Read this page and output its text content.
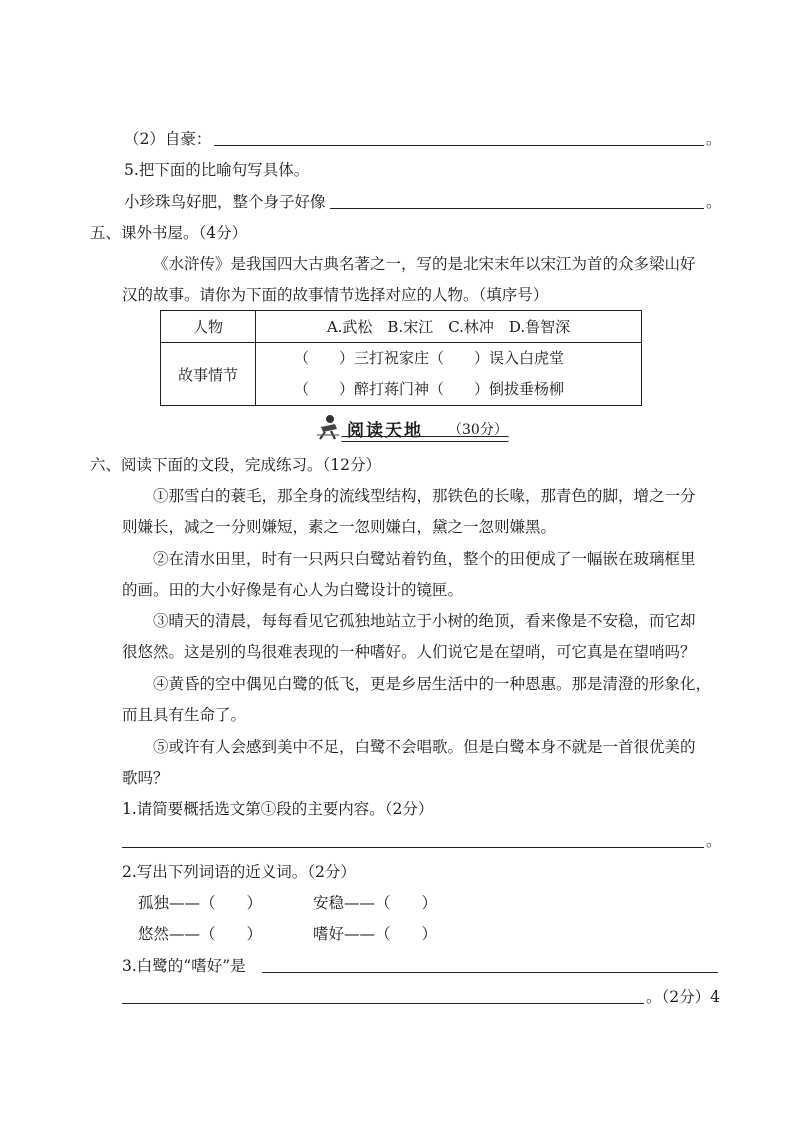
（2）自豪：	。
5.把下面的比喻句写具体。
小珍珠鸟好肥，整个身子好像	。
五、课外书屋。（4分）
《水浒传》是我国四大古典名著之一，写的是北宋末年以宋江为首的众多梁山好
汉的故事。请你为下面的故事情节选择对应的人物。（填序号）
人物	A.武松　B.宋江　C.林冲　D.鲁智深
故事情节	（　　）三打祝家庄（　　）误入白虎堂
（　　）醉打蒋门神（　　）倒拔垂杨柳
阅读天地 （30分）
六、阅读下面的文段，完成练习。（12分）
①那雪白的蓑毛，那全身的流线型结构，那铁色的长喙，那青色的脚，增之一分
则嫌长，减之一分则嫌短，素之一忽则嫌白，黛之一忽则嫌黑。
②在清水田里，时有一只两只白鹭站着钓鱼，整个的田便成了一幅嵌在玻璃框里
的画。田的大小好像是有心人为白鹭设计的镜匣。
③晴天的清晨，每每看见它孤独地站立于小树的绝顶，看来像是不安稳，而它却
很悠然。这是别的鸟很难表现的一种嗜好。人们说它是在望哨，可它真是在望哨吗？
④黄昏的空中偶见白鹭的低飞，更是乡居生活中的一种恩惠。那是清澄的形象化，
而且具有生命了。
⑤或许有人会感到美中不足，白鹭不会唱歌。但是白鹭本身不就是一首很优美的
歌吗？
1.请简要概括选文第①段的主要内容。（2分）
。
2.写出下列词语的近义词。（2分）
孤独——（　　）	安稳——（　　）
悠然——（　　）	嗜好——（　　）
3.白鹭的“嗜好”是
。（2分）4
